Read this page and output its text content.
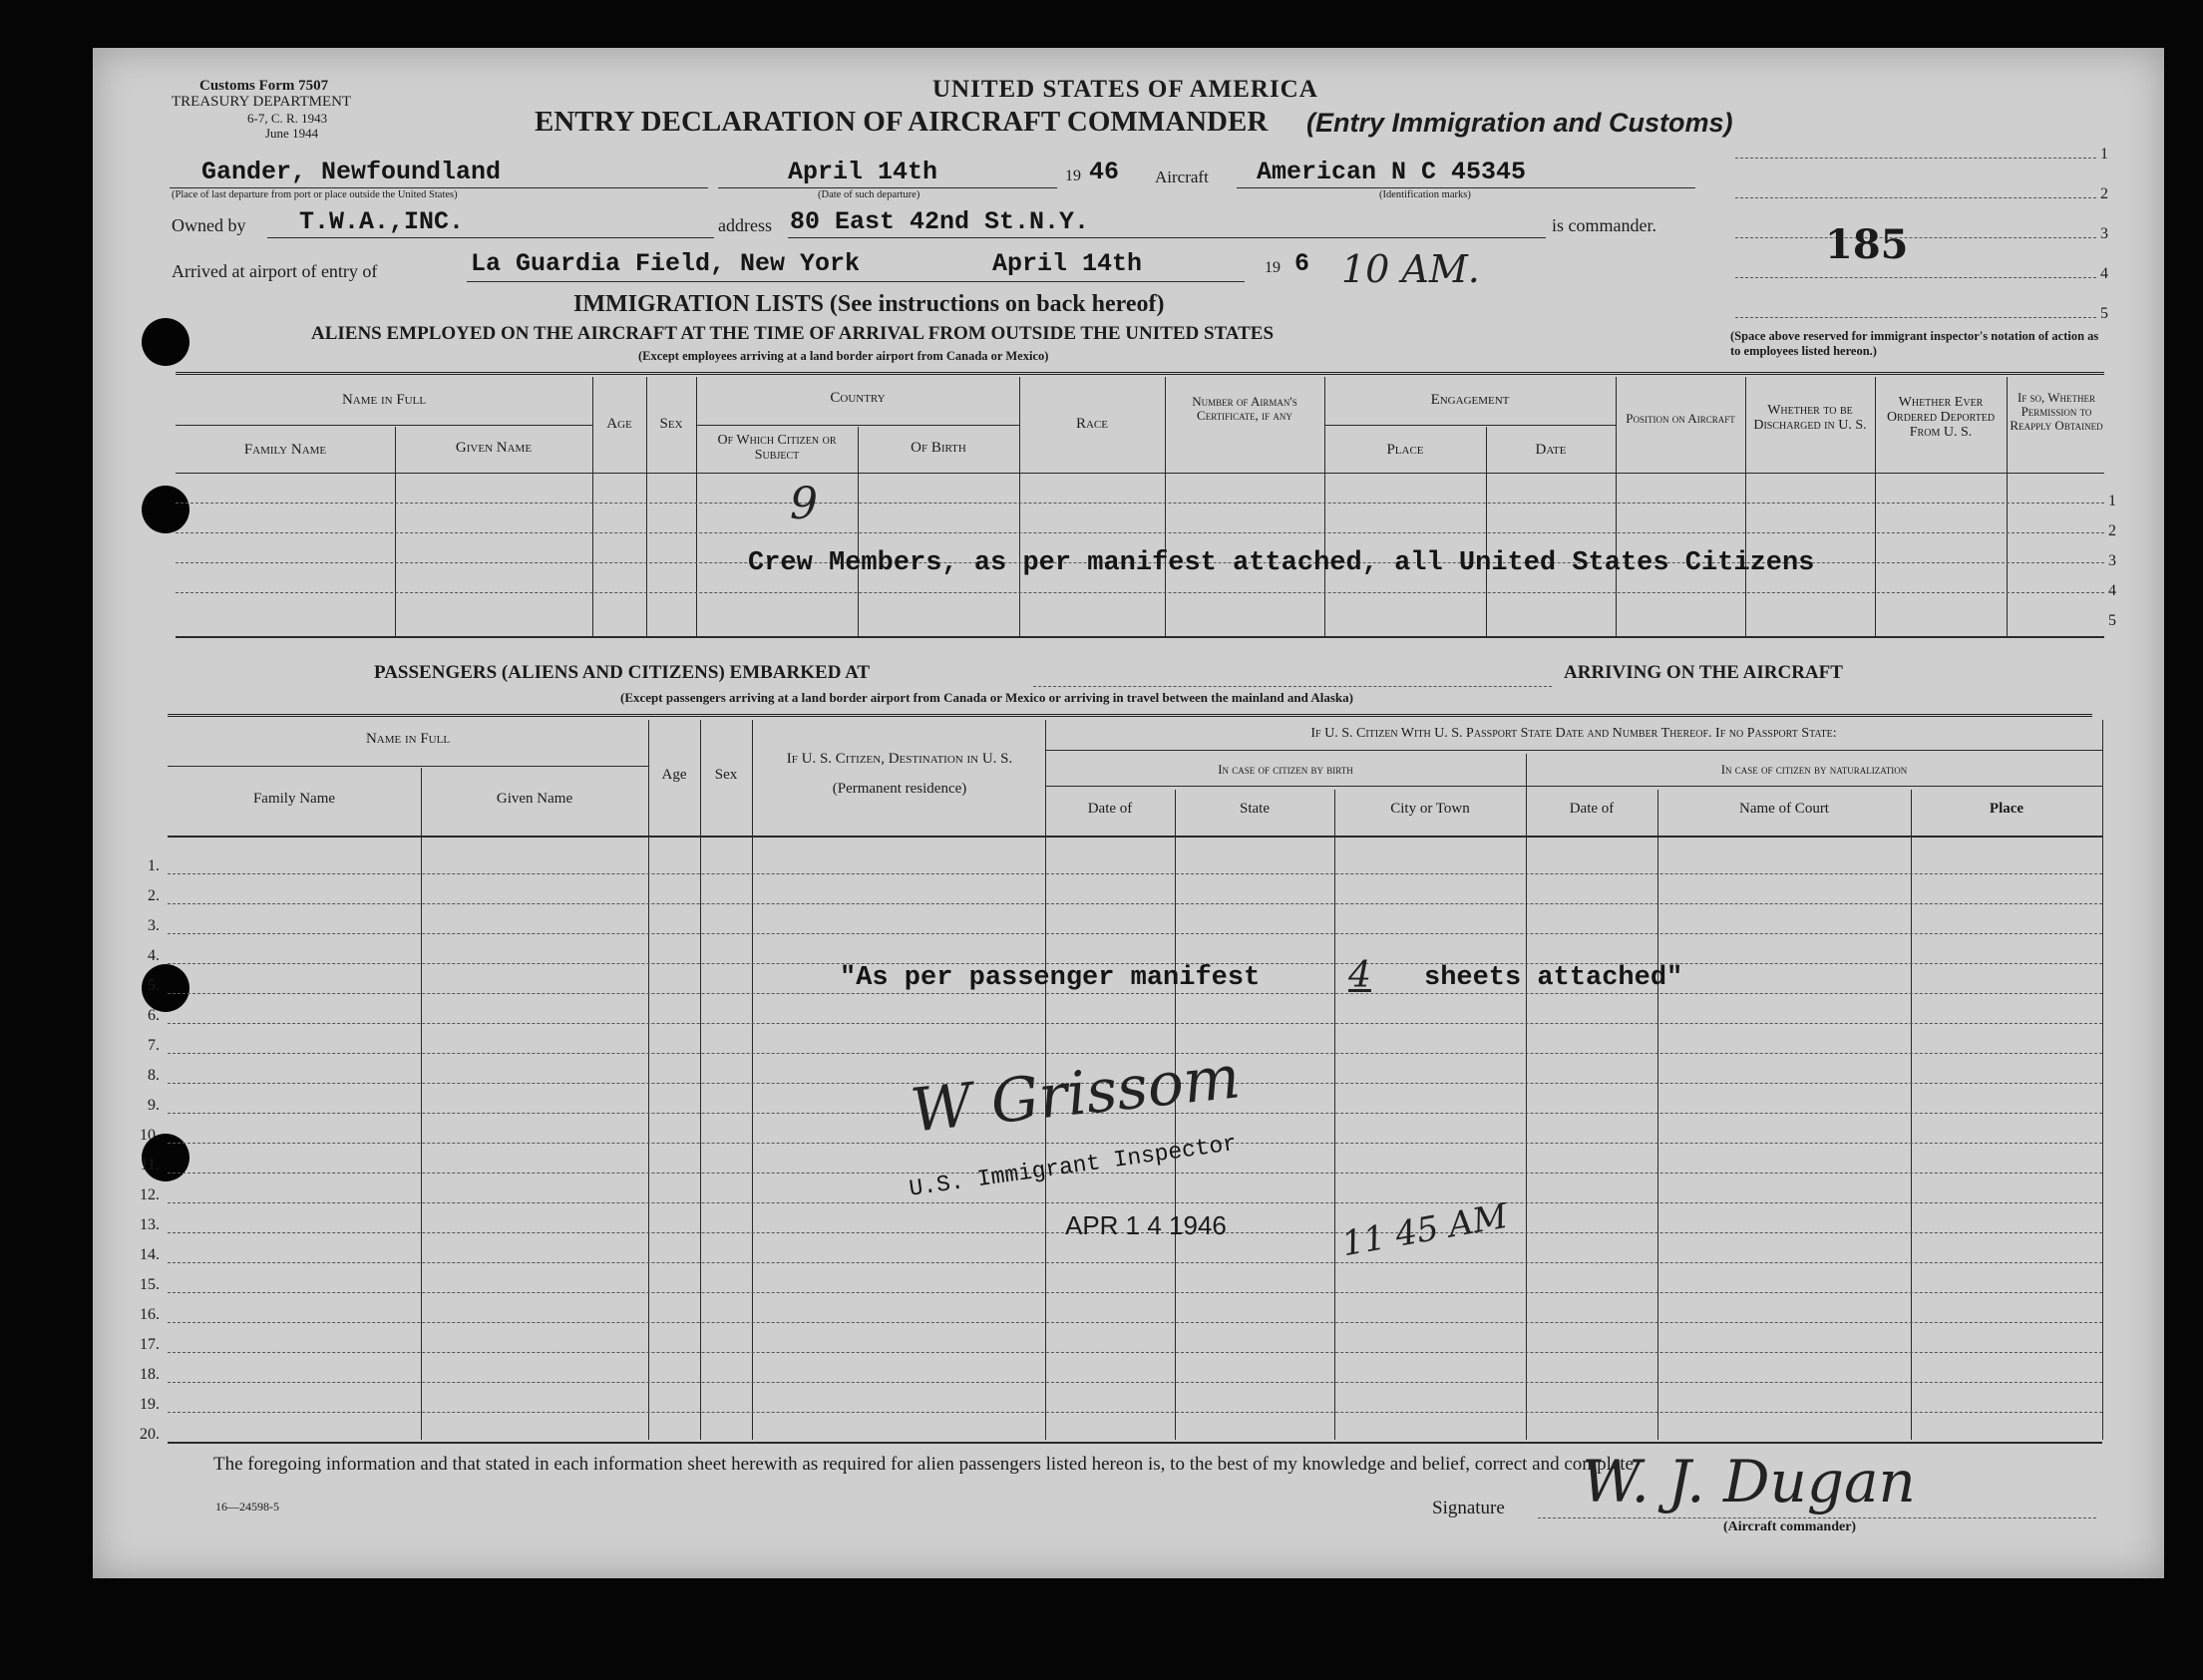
Customs Form 7507
TREASURY DEPARTMENT
6-7, C. R. 1943
June 1944
UNITED STATES OF AMERICA
ENTRY DECLARATION OF AIRCRAFT COMMANDER (Entry Immigration and Customs)
1
2
3
4
5
185
(Space above reserved for immigrant inspector's notation of action as to employees listed hereon.)
Gander, Newfoundland
(Place of last departure from port or place outside the United States)
April 14th
(Date of such departure)
19 46 Aircraft American N C 45345
(Identification marks)
Owned by T.W.A.,INC.	address 80 East 42nd St.N.Y.	is commander.
Arrived at airport of entry of	La Guardia Field, New York	April 14th	19 6 10 AM.
IMMIGRATION LISTS (See instructions on back hereof)
ALIENS EMPLOYED ON THE AIRCRAFT AT THE TIME OF ARRIVAL FROM OUTSIDE THE UNITED STATES
(Except employees arriving at a land border airport from Canada or Mexico)
Name in Full
Family Name	Given Name
Age	Sex
Country
Of Which Citizen or Subject	Of Birth
Race
Number of Airman's Certificate, if any
Engagement
Place	Date
Position on Aircraft
Whether to be Discharged in U. S.
Whether Ever Ordered Deported From U. S.
If so, Whether Permission to Reapply Obtained
1
2
3
4
5
9
Crew Members, as per manifest attached, all United States Citizens
PASSENGERS (ALIENS AND CITIZENS) EMBARKED AT	ARRIVING ON THE AIRCRAFT
(Except passengers arriving at a land border airport from Canada or Mexico or arriving in travel between the mainland and Alaska)
Name in Full
Family Name	Given Name
Age	Sex
If U. S. Citizen, Destination in U. S.
(Permanent residence)
If U. S. Citizen With U. S. Passport State Date and Number Thereof. If no Passport State:
In case of citizen by birth	In case of citizen by naturalization
Date of	State	City or Town	Date of	Name of Court	Place
1.
2.
3.
4.
5.
6.
7.
8.
9.
10.
11.
12.
13.
14.
15.
16.
17.
18.
19.
20.
"As per passenger manifest 4 sheets attached"
W Grissom
U.S. Immigrant Inspector
APR 1 4 1946	11 45 AM
The foregoing information and that stated in each information sheet herewith as required for alien passengers listed hereon is, to the best of my knowledge and belief, correct and complete.
16—24598-5	Signature W. J. Dugan
(Aircraft commander)
